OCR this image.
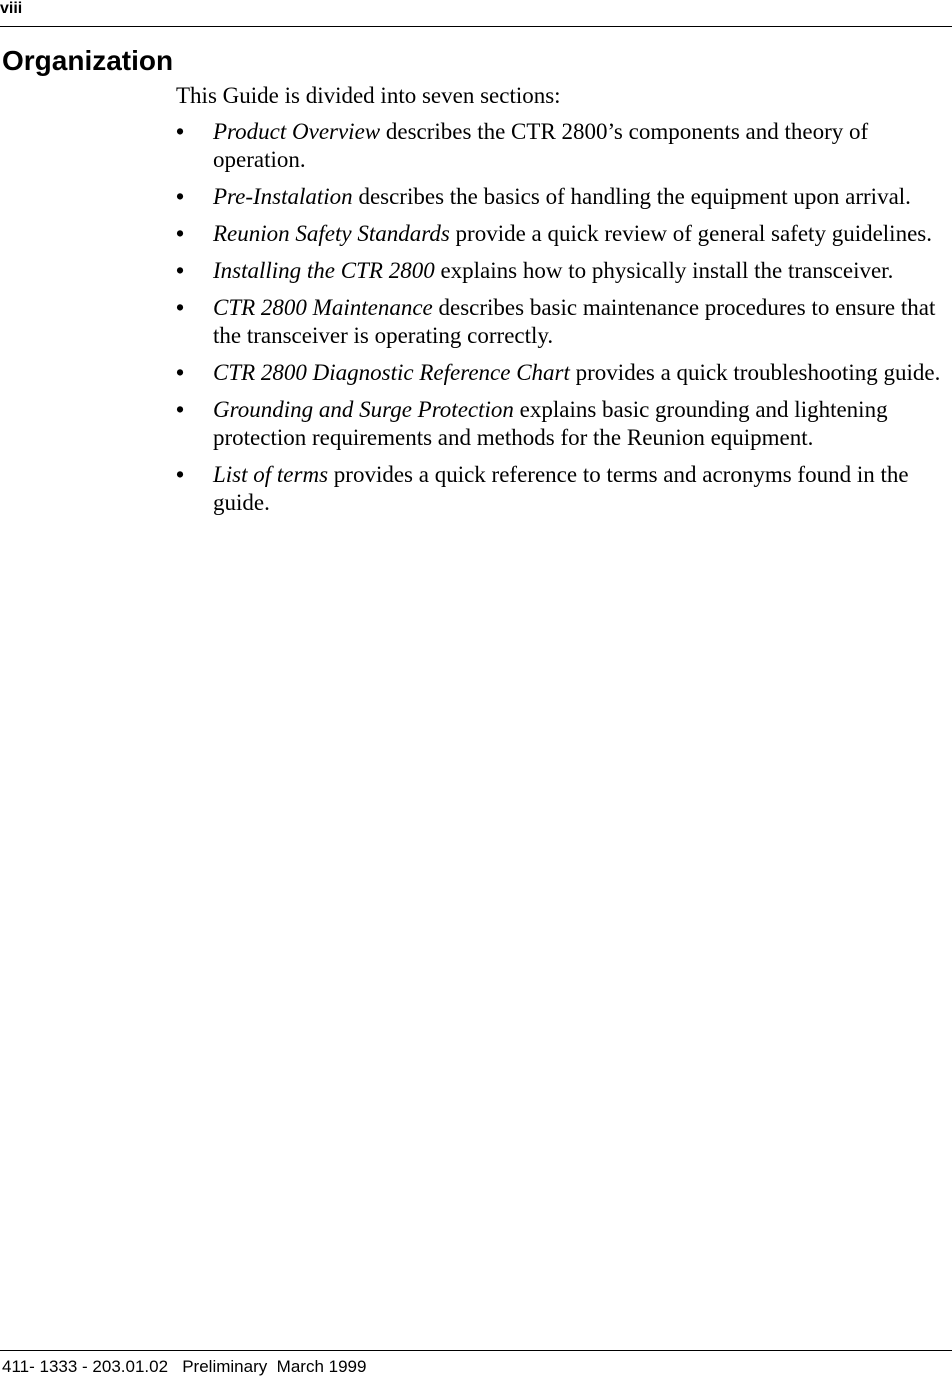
viii
Organization

This Guide is divided into seven sections:

• Product Overview describes the CTR 2800’s components and theory of operation.
• Pre-Instalation describes the basics of handling the equipment upon arrival.
• Reunion Safety Standards provide a quick review of general safety guidelines.
• Installing the CTR 2800 explains how to physically install the transceiver.
• CTR 2800 Maintenance describes basic maintenance procedures to ensure that the transceiver is operating correctly.
• CTR 2800 Diagnostic Reference Chart provides a quick troubleshooting guide.
• Grounding and Surge Protection explains basic grounding and lightening protection requirements and methods for the Reunion equipment.
• List of terms provides a quick reference to terms and acronyms found in the guide.
411- 1333 - 203.01.02   Preliminary  March 1999
